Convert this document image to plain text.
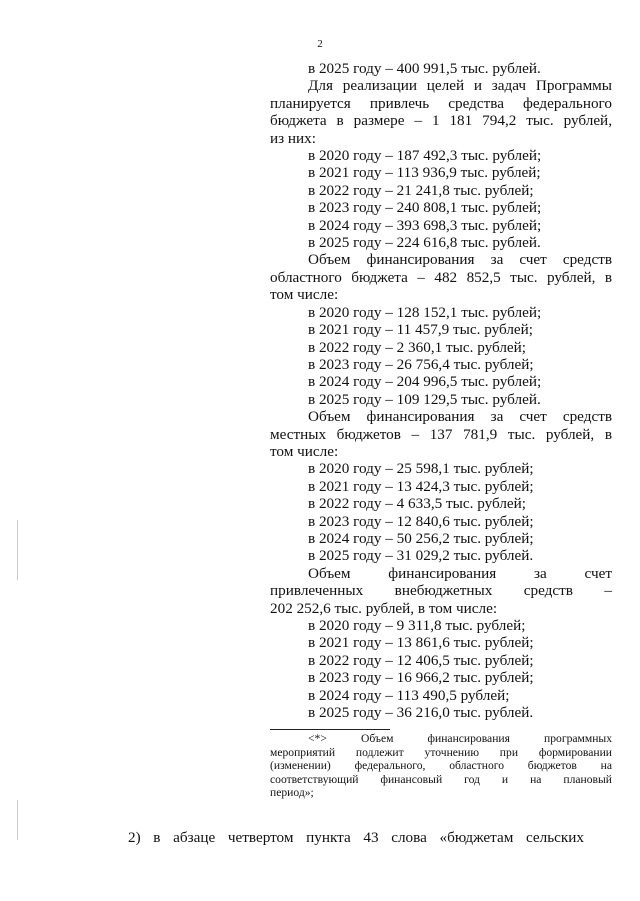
2
в 2025 году – 400 991,5 тыс. рублей.
Для реализации целей и задач Программы
планируется привлечь средства федерального
бюджета в размере – 1 181 794,2 тыс. рублей,
из них:
в 2020 году – 187 492,3 тыс. рублей;
в 2021 году – 113 936,9 тыс. рублей;
в 2022 году – 21 241,8 тыс. рублей;
в 2023 году – 240 808,1 тыс. рублей;
в 2024 году – 393 698,3 тыс. рублей;
в 2025 году – 224 616,8 тыс. рублей.
Объем финансирования за счет средств
областного бюджета – 482 852,5 тыс. рублей, в
том числе:
в 2020 году – 128 152,1 тыс. рублей;
в 2021 году – 11 457,9 тыс. рублей;
в 2022 году – 2 360,1 тыс. рублей;
в 2023 году – 26 756,4 тыс. рублей;
в 2024 году – 204 996,5 тыс. рублей;
в 2025 году – 109 129,5 тыс. рублей.
Объем финансирования за счет средств
местных бюджетов – 137 781,9 тыс. рублей, в
том числе:
в 2020 году – 25 598,1 тыс. рублей;
в 2021 году – 13 424,3 тыс. рублей;
в 2022 году – 4 633,5 тыс. рублей;
в 2023 году – 12 840,6 тыс. рублей;
в 2024 году – 50 256,2 тыс. рублей;
в 2025 году – 31 029,2 тыс. рублей.
Объем финансирования за счет
привлеченных внебюджетных средств –
202 252,6 тыс. рублей, в том числе:
в 2020 году – 9 311,8 тыс. рублей;
в 2021 году – 13 861,6 тыс. рублей;
в 2022 году – 12 406,5 тыс. рублей;
в 2023 году – 16 966,2 тыс. рублей;
в 2024 году – 113 490,5 рублей;
в 2025 году – 36 216,0 тыс. рублей.
<*> Объем финансирования программных
мероприятий подлежит уточнению при формировании
(изменении) федерального, областного бюджетов на
соответствующий финансовый год и на плановый
период»;
2) в абзаце четвертом пункта 43 слова «бюджетам сельских
